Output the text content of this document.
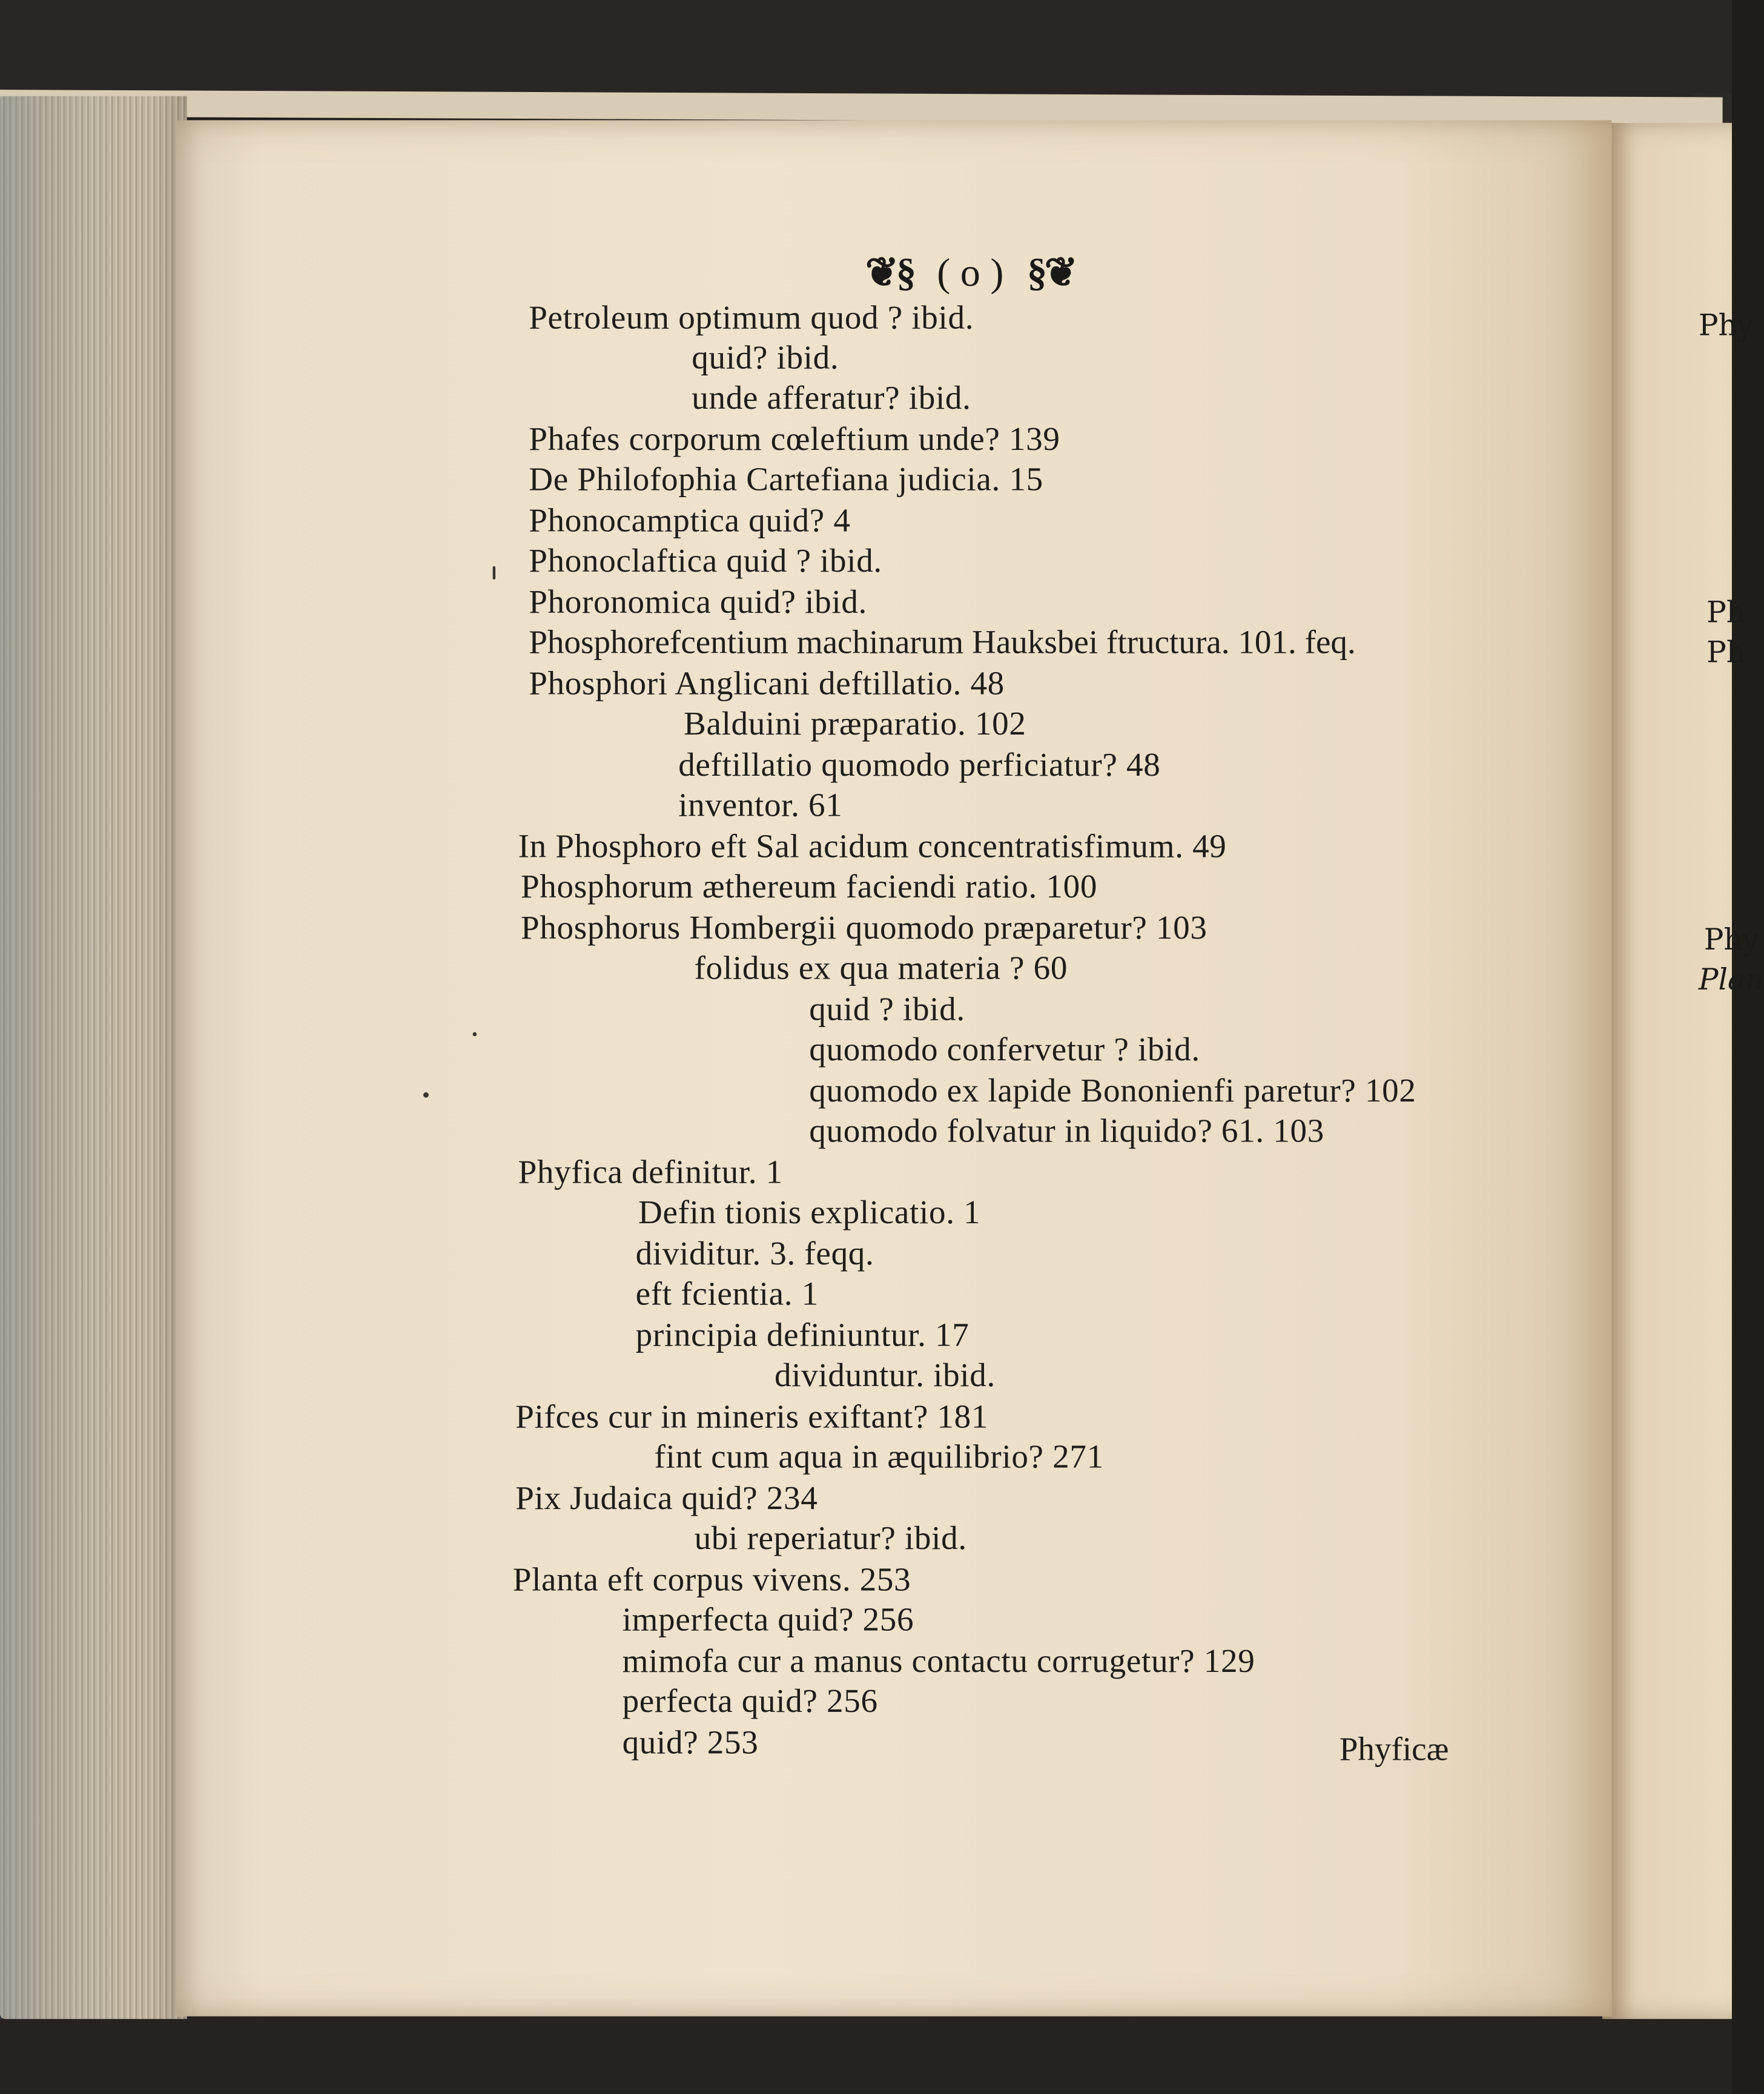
Phy
Ph
Ph
Phy
Plan
❦§ ( o ) §❦
Petroleum optimum quod ? ibid.
quid? ibid.
unde afferatur? ibid.
Phafes corporum cœleftium unde? 139
De Philofophia Cartefiana judicia. 15
Phonocamptica quid? 4
Phonoclaftica quid ? ibid.
Phoronomica quid? ibid.
Phosphorefcentium machinarum Hauksbei ftructura. 101. feq.
Phosphori Anglicani deftillatio. 48
Balduini præparatio. 102
deftillatio quomodo perficiatur? 48
inventor. 61
In Phosphoro eft Sal acidum concentratisfimum. 49
Phosphorum æthereum faciendi ratio. 100
Phosphorus Hombergii quomodo præparetur? 103
folidus ex qua materia ? 60
quid ? ibid.
quomodo confervetur ? ibid.
quomodo ex lapide Bononienfi paretur? 102
quomodo folvatur in liquido? 61. 103
Phyfica definitur. 1
Defin tionis explicatio. 1
dividitur. 3. feqq.
eft fcientia. 1
principia definiuntur. 17
dividuntur. ibid.
Pifces cur in mineris exiftant? 181
fint cum aqua in æquilibrio? 271
Pix Judaica quid? 234
ubi reperiatur? ibid.
Planta eft corpus vivens. 253
imperfecta quid? 256
mimofa cur a manus contactu corrugetur? 129
perfecta quid? 256
quid? 253	Phyficæ
